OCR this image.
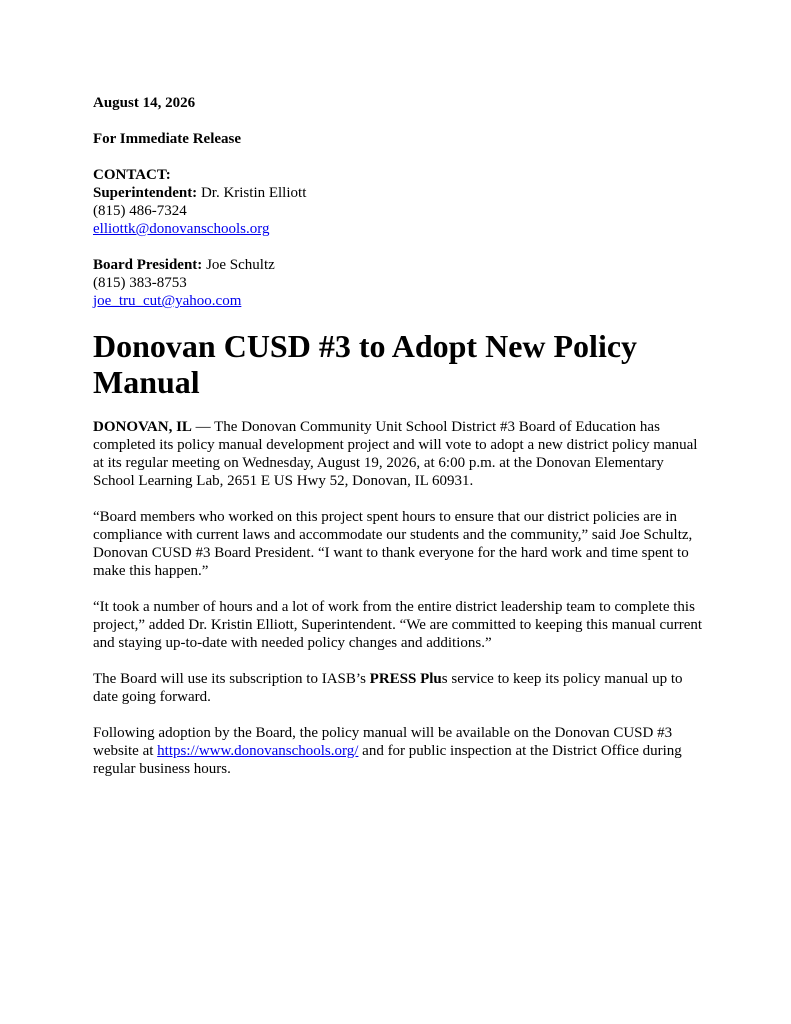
August 14, 2026
For Immediate Release
CONTACT:
Superintendent: Dr. Kristin Elliott
(815) 486-7324
elliottk@donovanschools.org
Board President: Joe Schultz
(815) 383-8753
joe_tru_cut@yahoo.com
Donovan CUSD #3 to Adopt New Policy Manual

DONOVAN, IL — The Donovan Community Unit School District #3 Board of Education has completed its policy manual development project and will vote to adopt a new district policy manual at its regular meeting on Wednesday, August 19, 2026, at 6:00 p.m. at the Donovan Elementary School Learning Lab, 2651 E US Hwy 52, Donovan, IL 60931.

“Board members who worked on this project spent hours to ensure that our district policies are in compliance with current laws and accommodate our students and the community,” said Joe Schultz, Donovan CUSD #3 Board President. “I want to thank everyone for the hard work and time spent to make this happen.”

“It took a number of hours and a lot of work from the entire district leadership team to complete this project,” added Dr. Kristin Elliott, Superintendent. “We are committed to keeping this manual current and staying up-to-date with needed policy changes and additions.”

The Board will use its subscription to IASB’s PRESS Plus service to keep its policy manual up to date going forward.

Following adoption by the Board, the policy manual will be available on the Donovan CUSD #3 website at https://www.donovanschools.org/ and for public inspection at the District Office during regular business hours.
